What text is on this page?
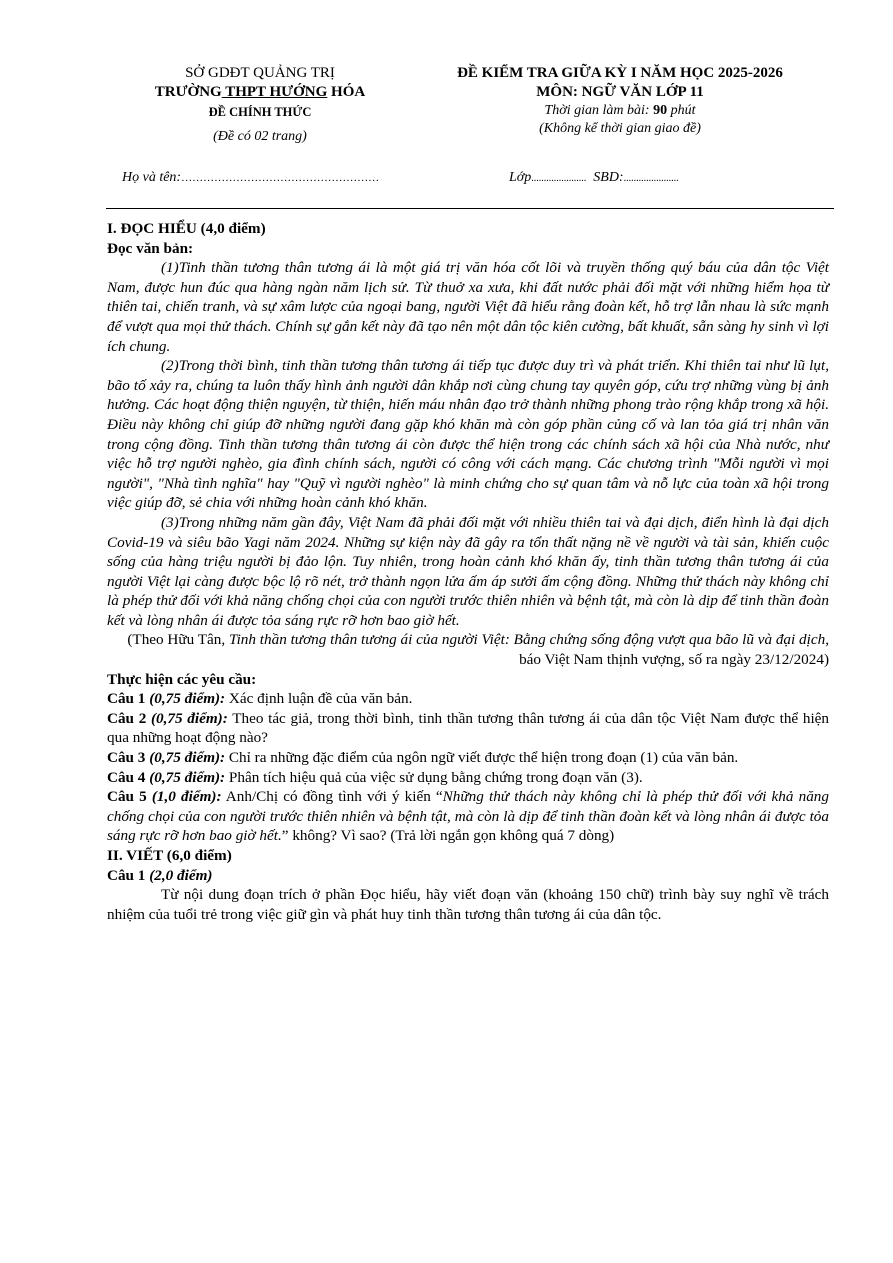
SỞ GDĐT QUẢNG TRỊ
TRƯỜNG THPT HƯỚNG HÓA
ĐỀ CHÍNH THỨC
(Đề có 02 trang)
ĐỀ KIỂM TRA GIỮA KỲ I NĂM HỌC 2025-2026
MÔN: NGỮ VĂN LỚP 11
Thời gian làm bài: 90 phút
(Không kể thời gian giao đề)
Họ và tên:………………………………………………	Lớp...................... SBD:......................

I. ĐỌC HIỂU (4,0 điểm)

Đọc văn bản:

(1)Tinh thần tương thân tương ái là một giá trị văn hóa cốt lõi và truyền thống quý báu của dân tộc Việt Nam, được hun đúc qua hàng ngàn năm lịch sử. Từ thuở xa xưa, khi đất nước phải đối mặt với những hiểm họa từ thiên tai, chiến tranh, và sự xâm lược của ngoại bang, người Việt đã hiểu rằng đoàn kết, hỗ trợ lẫn nhau là sức mạnh để vượt qua mọi thử thách. Chính sự gắn kết này đã tạo nên một dân tộc kiên cường, bất khuất, sẵn sàng hy sinh vì lợi ích chung.

(2)Trong thời bình, tinh thần tương thân tương ái tiếp tục được duy trì và phát triển. Khi thiên tai như lũ lụt, bão tố xảy ra, chúng ta luôn thấy hình ảnh người dân khắp nơi cùng chung tay quyên góp, cứu trợ những vùng bị ảnh hưởng. Các hoạt động thiện nguyện, từ thiện, hiến máu nhân đạo trở thành những phong trào rộng khắp trong xã hội. Điều này không chỉ giúp đỡ những người đang gặp khó khăn mà còn góp phần củng cố và lan tỏa giá trị nhân văn trong cộng đồng. Tinh thần tương thân tương ái còn được thể hiện trong các chính sách xã hội của Nhà nước, như việc hỗ trợ người nghèo, gia đình chính sách, người có công với cách mạng. Các chương trình "Mỗi người vì mọi người", "Nhà tình nghĩa" hay "Quỹ vì người nghèo" là minh chứng cho sự quan tâm và nỗ lực của toàn xã hội trong việc giúp đỡ, sẻ chia với những hoàn cảnh khó khăn.

(3)Trong những năm gần đây, Việt Nam đã phải đối mặt với nhiều thiên tai và đại dịch, điển hình là đại dịch Covid-19 và siêu bão Yagi năm 2024. Những sự kiện này đã gây ra tổn thất nặng nề về người và tài sản, khiến cuộc sống của hàng triệu người bị đảo lộn. Tuy nhiên, trong hoàn cảnh khó khăn ấy, tinh thần tương thân tương ái của người Việt lại càng được bộc lộ rõ nét, trở thành ngọn lửa ấm áp sưởi ấm cộng đồng. Những thử thách này không chỉ là phép thử đối với khả năng chống chọi của con người trước thiên nhiên và bệnh tật, mà còn là dịp để tinh thần đoàn kết và lòng nhân ái được tỏa sáng rực rỡ hơn bao giờ hết.

(Theo Hữu Tân, Tinh thần tương thân tương ái của người Việt: Bằng chứng sống động vượt qua bão lũ và đại dịch, báo Việt Nam thịnh vượng, số ra ngày 23/12/2024)

Thực hiện các yêu cầu:

Câu 1 (0,75 điểm): Xác định luận đề của văn bản.

Câu 2 (0,75 điểm): Theo tác giả, trong thời bình, tinh thần tương thân tương ái của dân tộc Việt Nam được thể hiện qua những hoạt động nào?

Câu 3 (0,75 điểm): Chỉ ra những đặc điểm của ngôn ngữ viết được thể hiện trong đoạn (1) của văn bản.

Câu 4 (0,75 điểm): Phân tích hiệu quả của việc sử dụng bằng chứng trong đoạn văn (3).

Câu 5 (1,0 điểm): Anh/Chị có đồng tình với ý kiến “Những thử thách này không chỉ là phép thử đối với khả năng chống chọi của con người trước thiên nhiên và bệnh tật, mà còn là dịp để tinh thần đoàn kết và lòng nhân ái được tỏa sáng rực rỡ hơn bao giờ hết.” không? Vì sao? (Trả lời ngắn gọn không quá 7 dòng)

II. VIẾT (6,0 điểm)

Câu 1 (2,0 điểm)

Từ nội dung đoạn trích ở phần Đọc hiểu, hãy viết đoạn văn (khoảng 150 chữ) trình bày suy nghĩ về trách nhiệm của tuổi trẻ trong việc giữ gìn và phát huy tinh thần tương thân tương ái của dân tộc.
